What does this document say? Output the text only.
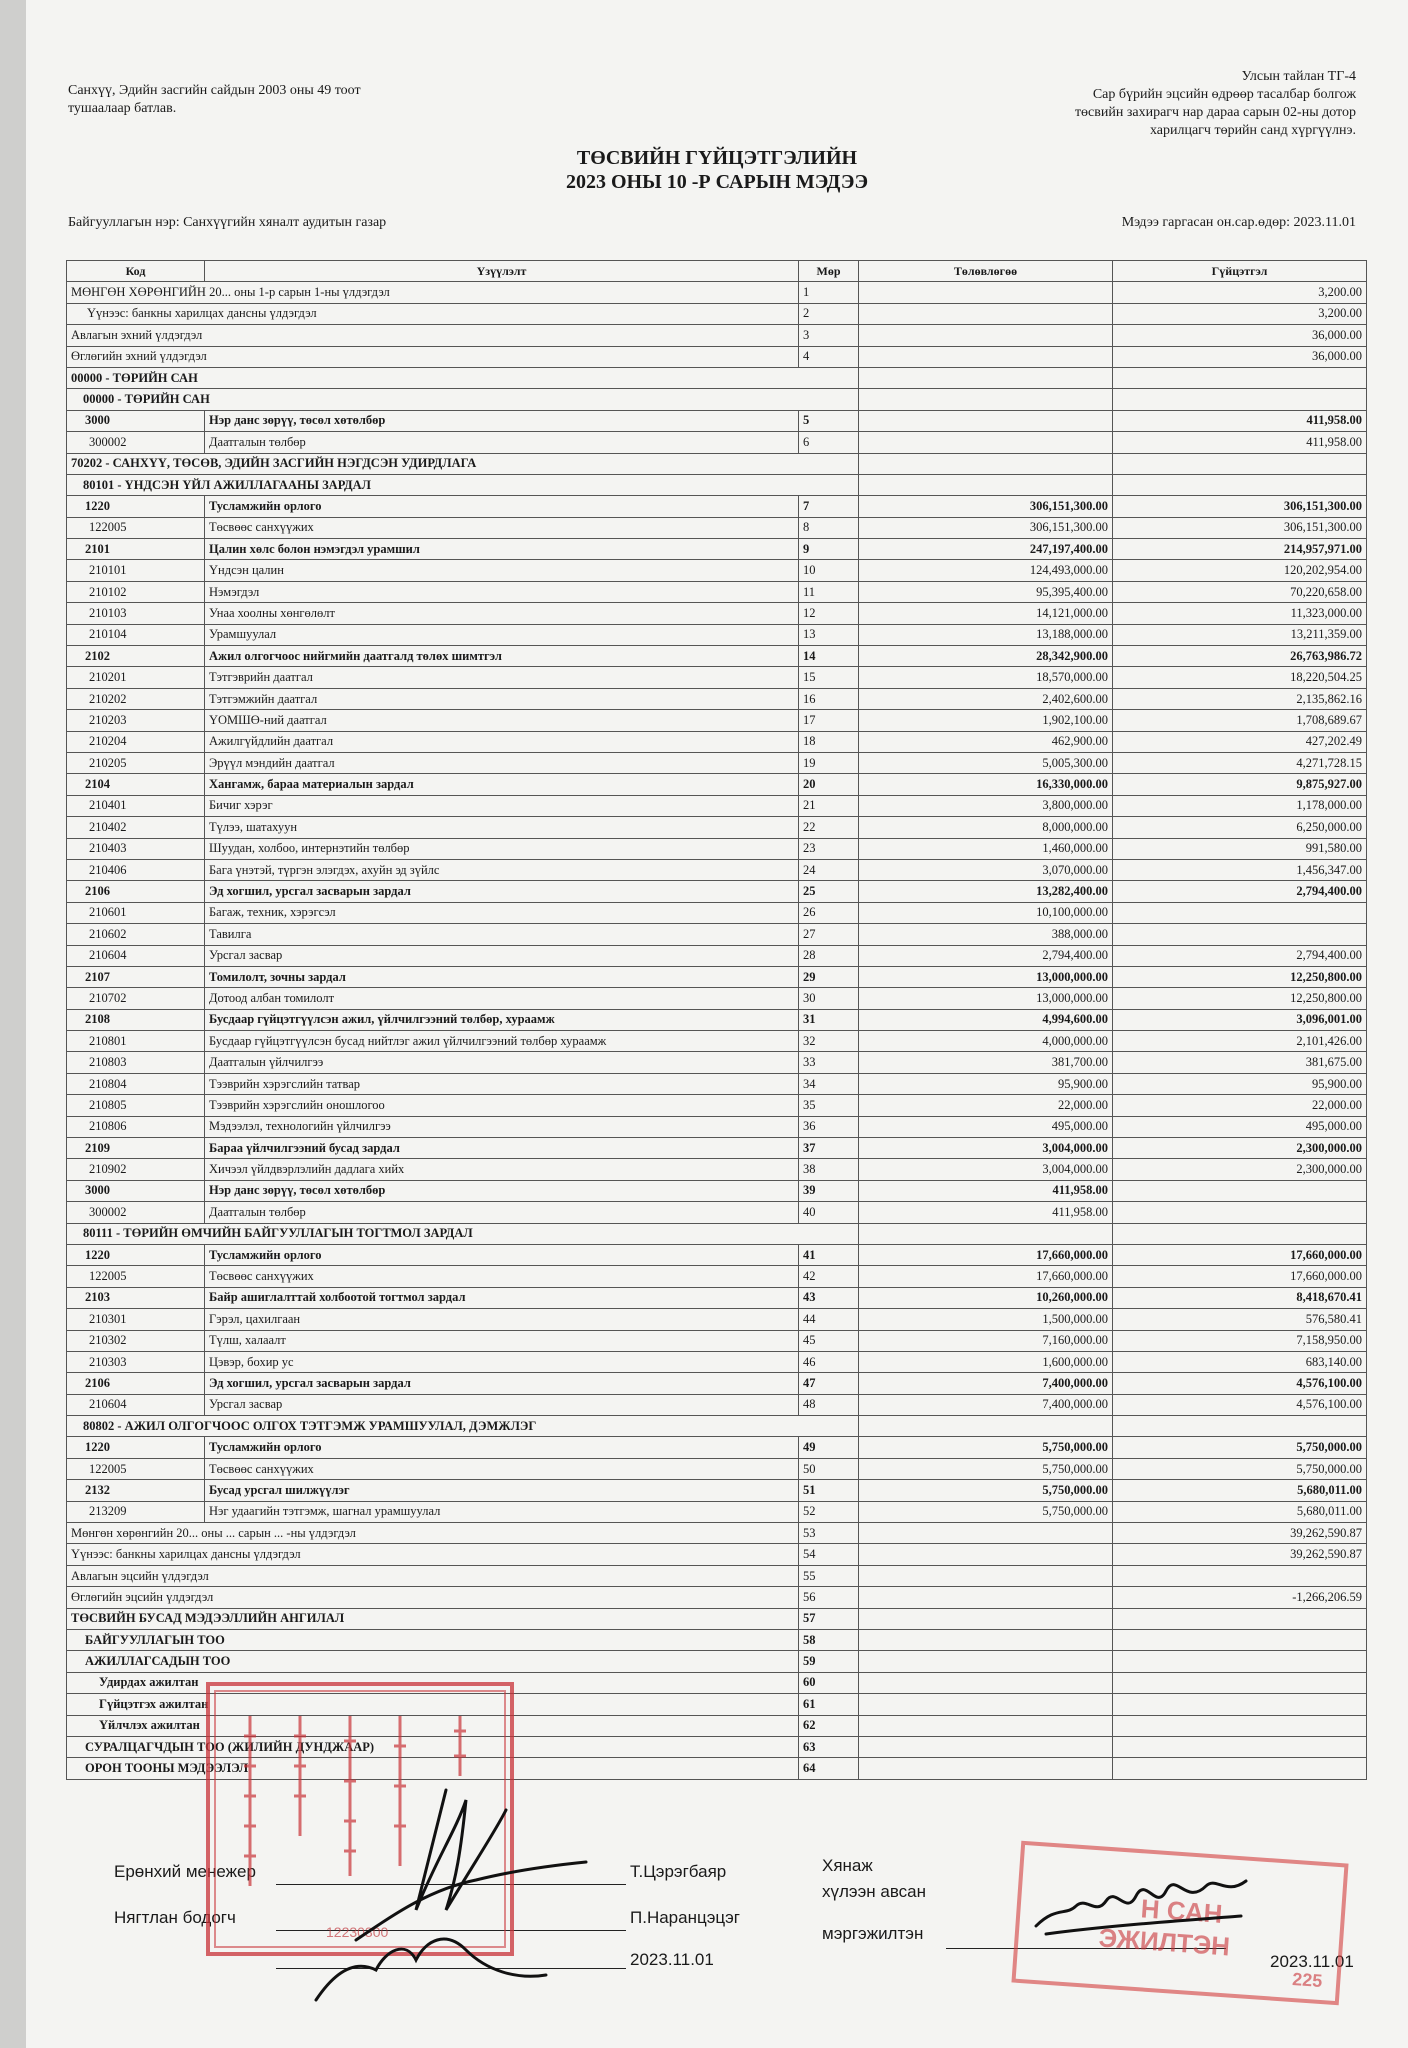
Санхүү, Эдийн засгийн сайдын 2003 оны 49 тоот
тушаалаар батлав.
Улсын тайлан ТГ-4
Сар бүрийн эцсийн өдрөөр тасалбар болгож
төсвийн захирагч нар дараа сарын 02-ны дотор
харилцагч төрийн санд хүргүүлнэ.
ТӨСВИЙН ГҮЙЦЭТГЭЛИЙН
2023 ОНЫ 10 -Р САРЫН МЭДЭЭ
Байгууллагын нэр: Санхүүгийн хяналт аудитын газар	Мэдээ гаргасан он.сар.өдөр: 2023.11.01
Код	Үзүүлэлт	Мөр	Төлөвлөгөө	Гүйцэтгэл
МӨНГӨН ХӨРӨНГИЙН 20... оны 1-р сарын 1-ны үлдэгдэл		1		3,200.00
Үүнээс: банкны харилцах дансны үлдэгдэл		2		3,200.00
Авлагын эхний үлдэгдэл		3		36,000.00
Өглөгийн эхний үлдэгдэл		4		36,000.00
00000 - ТӨРИЙН САН				
00000 - ТӨРИЙН САН				
3000	Нэр данс зөрүү, төсөл хөтөлбөр	5		411,958.00
300002	Даатгалын төлбөр	6		411,958.00
70202 - САНХҮҮ, ТӨСӨВ, ЭДИЙН ЗАСГИЙН НЭГДСЭН УДИРДЛАГА				
80101 - ҮНДСЭН ҮЙЛ АЖИЛЛАГААНЫ ЗАРДАЛ				
1220	Тусламжийн орлого	7	306,151,300.00	306,151,300.00
122005	Төсвөөс санхүүжих	8	306,151,300.00	306,151,300.00
2101	Цалин хөлс болон нэмэгдэл урамшил	9	247,197,400.00	214,957,971.00
210101	Үндсэн цалин	10	124,493,000.00	120,202,954.00
210102	Нэмэгдэл	11	95,395,400.00	70,220,658.00
210103	Унаа хоолны хөнгөлөлт	12	14,121,000.00	11,323,000.00
210104	Урамшуулал	13	13,188,000.00	13,211,359.00
2102	Ажил олгогчоос нийгмийн даатгалд төлөх шимтгэл	14	28,342,900.00	26,763,986.72
210201	Тэтгэврийн даатгал	15	18,570,000.00	18,220,504.25
210202	Тэтгэмжийн даатгал	16	2,402,600.00	2,135,862.16
210203	ҮОМШӨ-ний даатгал	17	1,902,100.00	1,708,689.67
210204	Ажилгүйдлийн даатгал	18	462,900.00	427,202.49
210205	Эрүүл мэндийн даатгал	19	5,005,300.00	4,271,728.15
2104	Хангамж, бараа материалын зардал	20	16,330,000.00	9,875,927.00
210401	Бичиг хэрэг	21	3,800,000.00	1,178,000.00
210402	Түлээ, шатахуун	22	8,000,000.00	6,250,000.00
210403	Шуудан, холбоо, интернэтийн төлбөр	23	1,460,000.00	991,580.00
210406	Бага үнэтэй, түргэн элэгдэх, ахуйн эд зүйлс	24	3,070,000.00	1,456,347.00
2106	Эд хогшил, урсгал засварын зардал	25	13,282,400.00	2,794,400.00
210601	Багаж, техник, хэрэгсэл	26	10,100,000.00	
210602	Тавилга	27	388,000.00	
210604	Урсгал засвар	28	2,794,400.00	2,794,400.00
2107	Томилолт, зочны зардал	29	13,000,000.00	12,250,800.00
210702	Дотоод албан томилолт	30	13,000,000.00	12,250,800.00
2108	Бусдаар гүйцэтгүүлсэн ажил, үйлчилгээний төлбөр, хураамж	31	4,994,600.00	3,096,001.00
210801	Бусдаар гүйцэтгүүлсэн бусад нийтлэг ажил үйлчилгээний төлбөр хураамж	32	4,000,000.00	2,101,426.00
210803	Даатгалын үйлчилгээ	33	381,700.00	381,675.00
210804	Тээврийн хэрэгслийн татвар	34	95,900.00	95,900.00
210805	Тээврийн хэрэгслийн оношлогоо	35	22,000.00	22,000.00
210806	Мэдээлэл, технологийн үйлчилгээ	36	495,000.00	495,000.00
2109	Бараа үйлчилгээний бусад зардал	37	3,004,000.00	2,300,000.00
210902	Хичээл үйлдвэрлэлийн дадлага хийх	38	3,004,000.00	2,300,000.00
3000	Нэр данс зөрүү, төсөл хөтөлбөр	39	411,958.00	
300002	Даатгалын төлбөр	40	411,958.00	
80111 - ТӨРИЙН ӨМЧИЙН БАЙГУУЛЛАГЫН ТОГТМОЛ ЗАРДАЛ				
1220	Тусламжийн орлого	41	17,660,000.00	17,660,000.00
122005	Төсвөөс санхүүжих	42	17,660,000.00	17,660,000.00
2103	Байр ашиглалттай холбоотой тогтмол зардал	43	10,260,000.00	8,418,670.41
210301	Гэрэл, цахилгаан	44	1,500,000.00	576,580.41
210302	Түлш, халаалт	45	7,160,000.00	7,158,950.00
210303	Цэвэр, бохир ус	46	1,600,000.00	683,140.00
2106	Эд хогшил, урсгал засварын зардал	47	7,400,000.00	4,576,100.00
210604	Урсгал засвар	48	7,400,000.00	4,576,100.00
80802 - АЖИЛ ОЛГОГЧООС ОЛГОХ ТЭТГЭМЖ УРАМШУУЛАЛ, ДЭМЖЛЭГ				
1220	Тусламжийн орлого	49	5,750,000.00	5,750,000.00
122005	Төсвөөс санхүүжих	50	5,750,000.00	5,750,000.00
2132	Бусад урсгал шилжүүлэг	51	5,750,000.00	5,680,011.00
213209	Нэг удаагийн тэтгэмж, шагнал урамшуулал	52	5,750,000.00	5,680,011.00
Мөнгөн хөрөнгийн 20... оны ... сарын ... -ны үлдэгдэл		53		39,262,590.87
Үүнээс: банкны харилцах дансны үлдэгдэл		54		39,262,590.87
Авлагын эцсийн үлдэгдэл		55		
Өглөгийн эцсийн үлдэгдэл		56		-1,266,206.59
ТӨСВИЙН БУСАД МЭДЭЭЛЛИЙН АНГИЛАЛ		57		
БАЙГУУЛЛАГЫН ТОО		58		
АЖИЛЛАГСАДЫН ТОО		59		
Удирдах ажилтан		60		
Гүйцэтгэх ажилтан		61		
Үйлчлэх ажилтан		62		
СУРАЛЦАГЧДЫН ТОО (ЖИЛИЙН ДУНДЖААР)		63		
ОРОН ТООНЫ МЭДЭЭЛЭЛ		64		
Ерөнхий менежер	Т.Цэрэгбаяр
Нягтлан бодогч	П.Наранцэцэг
2023.11.01
Хянаж
хүлээн авсан
мэргэжилтэн
2023.11.01
12230300
Н САН
ЭЖИЛТЭН
225
